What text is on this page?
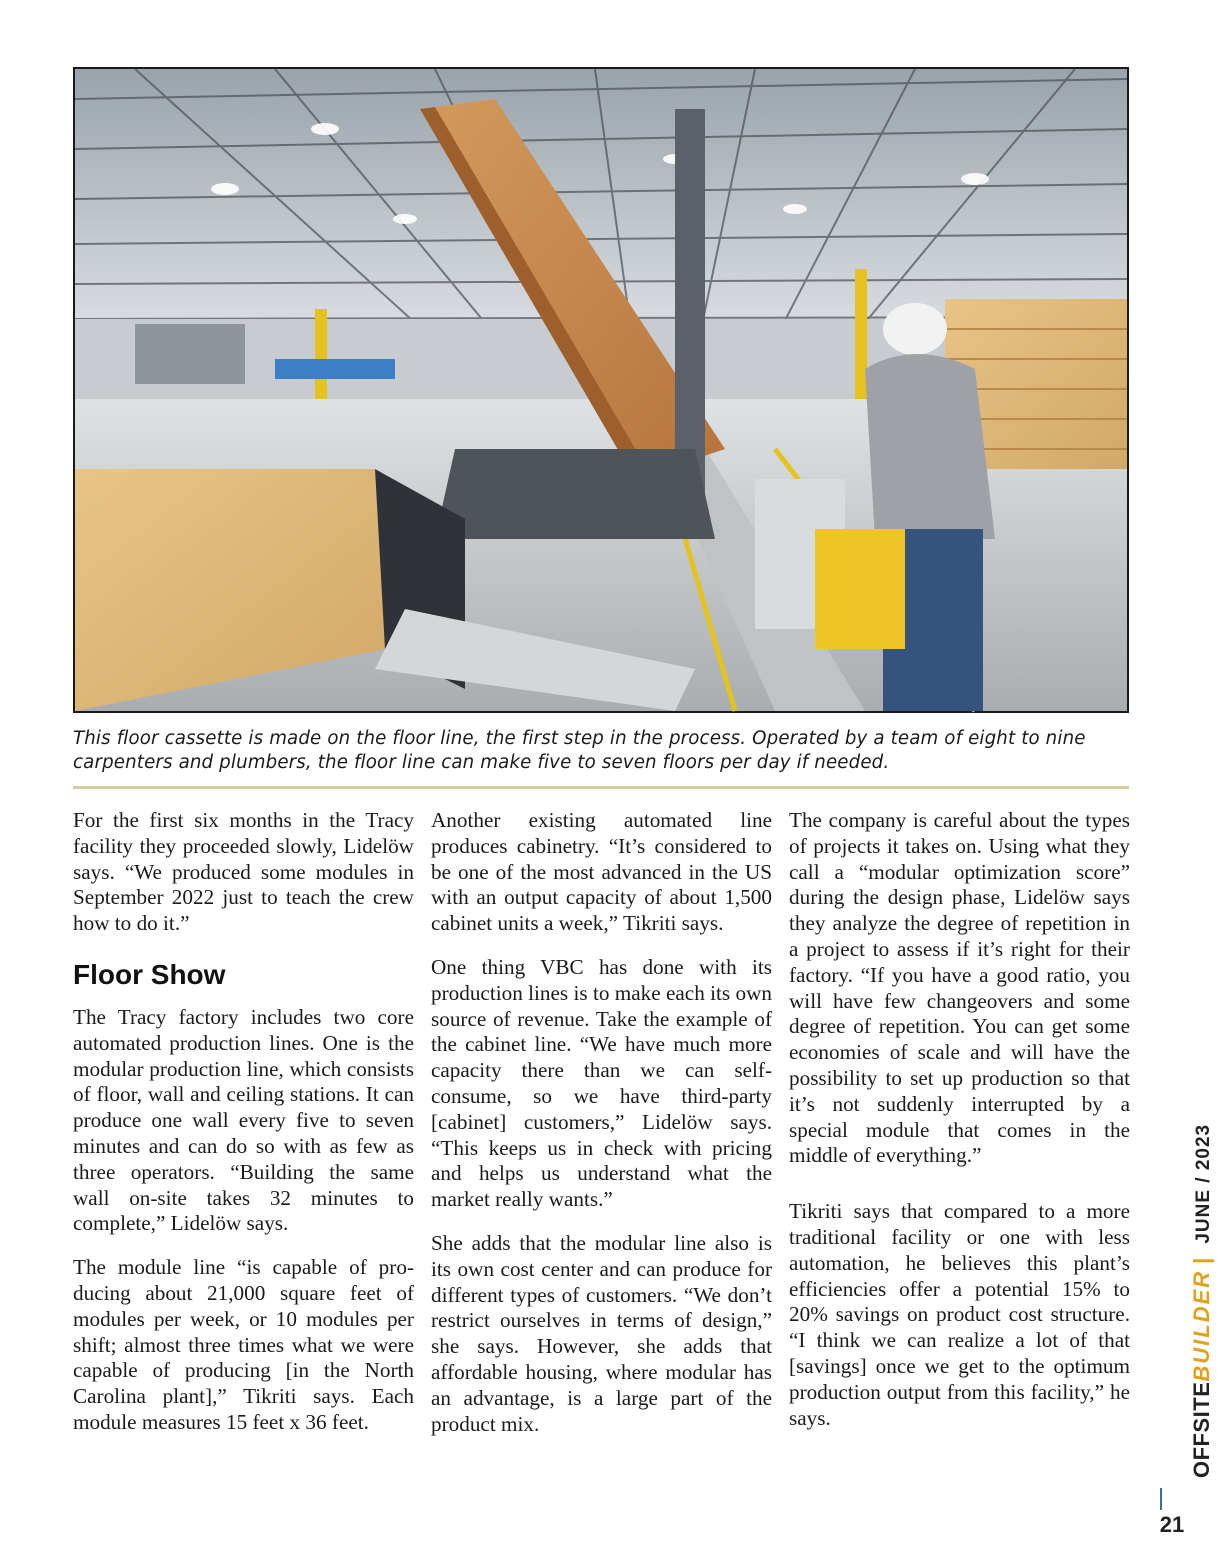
This floor cassette is made on the floor line, the first step in the process. Operated by a team of eight to nine carpenters and plumbers, the floor line can make five to seven floors per day if needed.

For the first six months in the Tracy facility they proceeded slowly, Lidelöw says. “We produced some modules in September 2022 just to teach the crew how to do it.”

Floor Show

The Tracy factory includes two core automated production lines. One is the modular production line, which consists of floor, wall and ceiling stations. It can produce one wall every five to seven minutes and can do so with as few as three operators. “Building the same wall on-site takes 32 minutes to complete,” Lidelöw says.

The module line “is capable of producing about 21,000 square feet of modules per week, or 10 modules per shift; almost three times what we were capable of producing [in the North Carolina plant],” Tikriti says. Each module measures 15 feet x 36 feet.

Another existing automated line produces cabinetry. “It’s considered to be one of the most advanced in the US with an output capacity of about 1,500 cabinet units a week,” Tikriti says.

One thing VBC has done with its production lines is to make each its own source of revenue. Take the example of the cabinet line. “We have much more capacity there than we can self-consume, so we have third-party [cabinet] customers,” Lidelöw says. “This keeps us in check with pricing and helps us understand what the market really wants.”

She adds that the modular line also is its own cost center and can produce for different types of customers. “We don’t restrict ourselves in terms of design,” she says. However, she adds that affordable housing, where modular has an advantage, is a large part of the product mix.

The company is careful about the types of projects it takes on. Using what they call a “modular optimization score” during the design phase, Lidelöw says they analyze the degree of repetition in a project to assess if it’s right for their factory. “If you have a good ratio, you will have few changeovers and some degree of repetition. You can get some economies of scale and will have the possibility to set up production so that it’s not suddenly interrupted by a special module that comes in the middle of everything.”

Tikriti says that compared to a more traditional facility or one with less automation, he believes this plant’s efficiencies offer a potential 15% to 20% savings on product cost structure. “I think we can realize a lot of that [savings] once we get to the optimum production output from this facility,” he says.	OFFSITEBUILDER|JUNE / 2023
21
